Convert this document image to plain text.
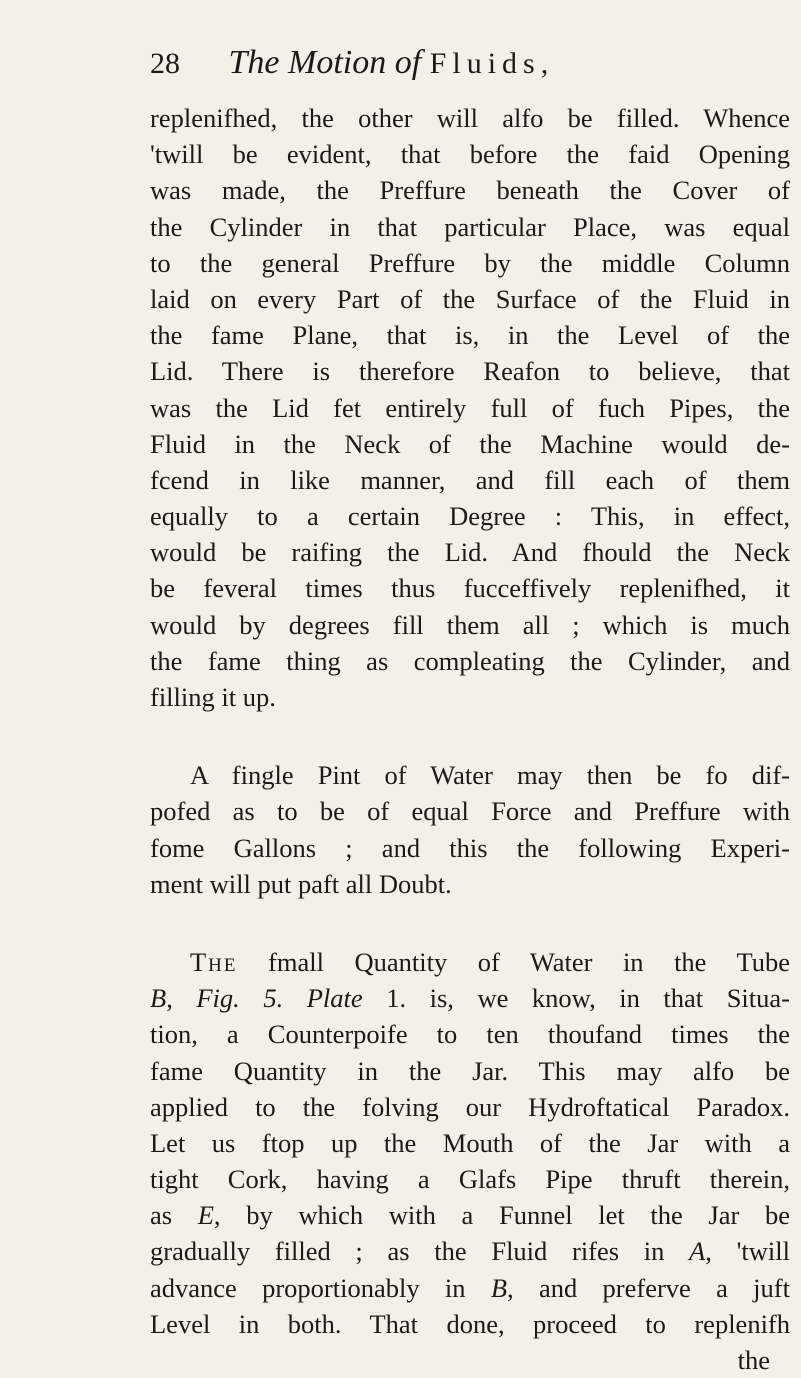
28 The Motion of Fluids,
replenifhed, the other will alfo be filled. Whence
'twill be evident, that before the faid Opening
was made, the Preffure beneath the Cover of
the Cylinder in that particular Place, was equal
to the general Preffure by the middle Column
laid on every Part of the Surface of the Fluid in
the fame Plane, that is, in the Level of the
Lid. There is therefore Reafon to believe, that
was the Lid fet entirely full of fuch Pipes, the
Fluid in the Neck of the Machine would de-
fcend in like manner, and fill each of them
equally to a certain Degree : This, in effect,
would be raifing the Lid. And fhould the Neck
be feveral times thus fucceffively replenifhed, it
would by degrees fill them all ; which is much
the fame thing as compleating the Cylinder, and
filling it up.
A fingle Pint of Water may then be fo dif-
pofed as to be of equal Force and Preffure with
fome Gallons ; and this the following Experi-
ment will put paft all Doubt.
The fmall Quantity of Water in the Tube
B, Fig. 5. Plate 1. is, we know, in that Situa-
tion, a Counterpoife to ten thoufand times the
fame Quantity in the Jar. This may alfo be
applied to the folving our Hydroftatical Paradox.
Let us ftop up the Mouth of the Jar with a
tight Cork, having a Glafs Pipe thruft therein,
as E, by which with a Funnel let the Jar be
gradually filled ; as the Fluid rifes in A, 'twill
advance proportionably in B, and preferve a juft
Level in both. That done, proceed to replenifh
the
